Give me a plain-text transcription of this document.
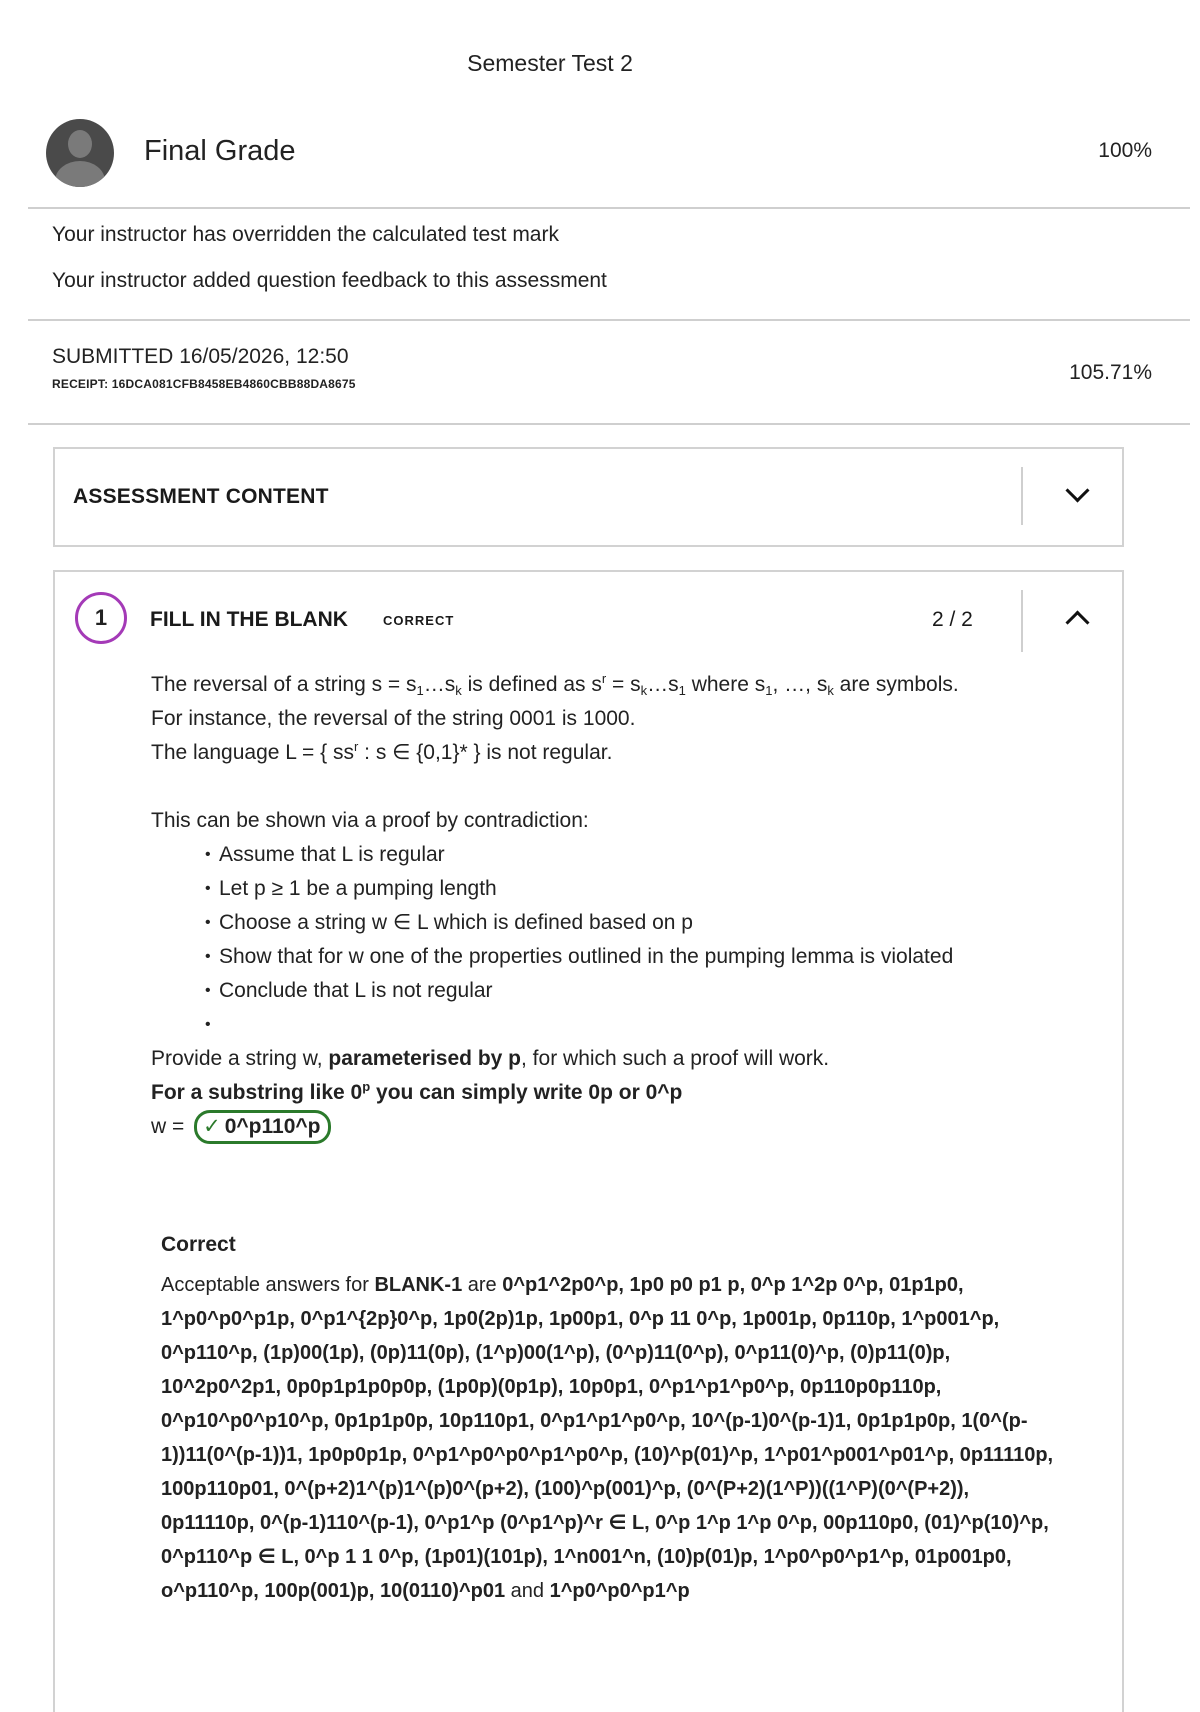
Semester Test 2
Final Grade	100%
Your instructor has overridden the calculated test mark
Your instructor added question feedback to this assessment
SUBMITTED 16/05/2026, 12:50
RECEIPT: 16DCA081CFB8458EB4860CBB88DA8675	105.71%
ASSESSMENT CONTENT
1	FILL IN THE BLANK	CORRECT	2 / 2

The reversal of a string $s = s_1\dots s_k$ is defined as $s^r$ = $s_k\dots s_1$ where $s_1$, …, $s_k$ are symbols.

For instance, the reversal of the string 0001 is 1000.

The language L = { $ss^r$ : s ∈ {0,1}* } is not regular.

This can be shown via a proof by contradiction:

• Assume that L is regular
• Let p ≥ 1 be a pumping length
• Choose a string w ∈ L which is defined based on p
• Show that for w one of the properties outlined in the pumping lemma is violated
• Conclude that L is not regular
•

Provide a string w, parameterised by p, for which such a proof will work.

For a substring like 0$^p$ you can simply write 0p or 0^p

w = ✓ 0^p110^p

Correct
Acceptable answers for BLANK-1 are 0^p1^2p0^p, 1p0 p0 p1 p, 0^p 1^2p 0^p, 01p1p0, 1^p0^p0^p1p, 0^p1^{2p}0^p, 1p0(2p)1p, 1p00p1, 0^p 11 0^p, 1p001p, 0p110p, 1^p001^p, 0^p110^p, (1p)00(1p), (0p)11(0p), (1^p)00(1^p), (0^p)11(0^p), 0^p11(0)^p, (0)p11(0)p, 10^2p0^2p1, 0p0p1p1p0p0p, (1p0p)(0p1p), 10p0p1, 0^p1^p1^p0^p, 0p110p0p110p, 0^p10^p0^p10^p, 0p1p1p0p, 10p110p1, 0^p1^p1^p0^p, 10^(p-1)0^(p-1)1, 0p1p1p0p, 1(0^(p-1))11(0^(p-1))1, 1p0p0p1p, 0^p1^p0^p0^p1^p0^p, (10)^p(01)^p, 1^p01^p001^p01^p, 0p11110p, 100p110p01, 0^(p+2)1^(p)1^(p)0^(p+2), (100)^p(001)^p, (0^(P+2)(1^P))((1^P)(0^(P+2)), 0p11110p, 0^(p-1)110^(p-1), 0^p1^p (0^p1^p)^r ∈ L, 0^p 1^p 1^p 0^p, 00p110p0, (01)^p(10)^p, 0^p110^p ∈ L, 0^p 1 1 0^p, (1p01)(101p), 1^n001^n, (10)p(01)p, 1^p0^p0^p1^p, 01p001p0, o^p110^p, 100p(001)p, 10(0110)^p01 and 1^p0^p0^p1^p
